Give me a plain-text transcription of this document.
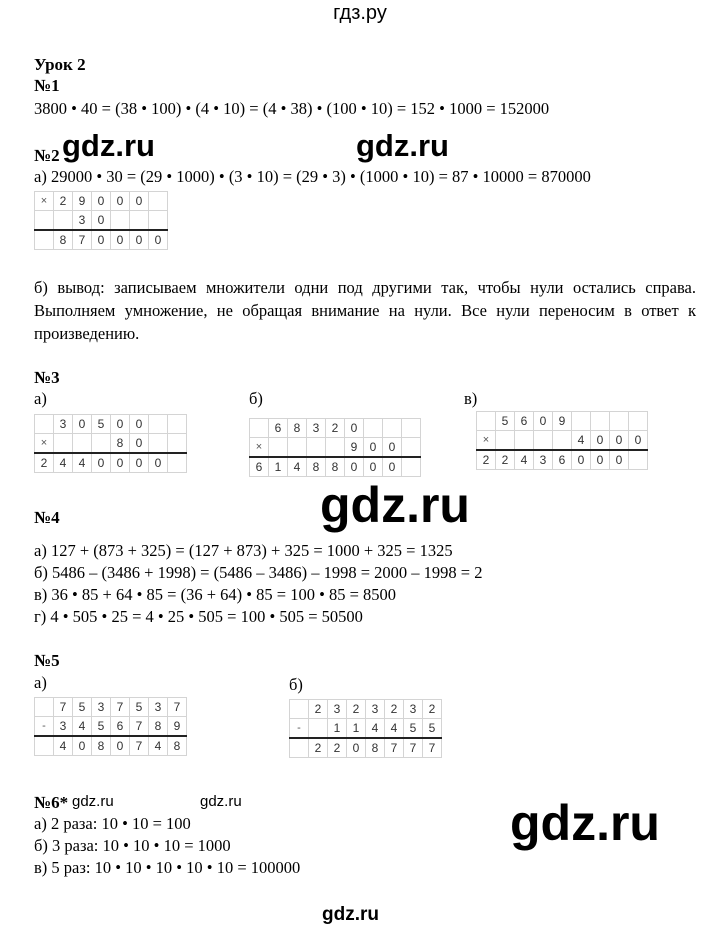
гдз.ру
Урок 2
№1
3800 • 40 = (38 • 100) • (4 • 10) = (4 • 38) • (100 • 10) = 152 • 1000 = 152000
№2 gdz.ru	gdz.ru
а) 29000 • 30 = (29 • 1000) • (3 • 10) = (29 • 3) • (1000 • 10) = 87 • 10000 = 870000
×	2	9	0	0	0	
		3	0			
	8	7	0	0	0	0
б) вывод: записываем множители одни под другими так, чтобы нули остались справа. Выполняем умножение, не обращая внимание на нули. Все нули переносим в ответ к произведению.
№3
а)	б)	в)
	3	0	5	0	0		
×				8	0		
2	4	4	0	0	0	0	
	6	8	3	2	0			
×					9	0	0	
6	1	4	8	8	0	0	0	
	5	6	0	9				
×					4	0	0	0
2	2	4	3	6	0	0	0	
gdz.ru
№4
а) 127 + (873 + 325) = (127 + 873) + 325 = 1000 + 325 = 1325
б) 5486 – (3486 + 1998) = (5486 – 3486) – 1998 = 2000 – 1998 = 2
в) 36 • 85 + 64 • 85 = (36 + 64) • 85 = 100 • 85 = 8500
г) 4 • 505 • 25 = 4 • 25 • 505 = 100 • 505 = 50500
№5
а)	б)
	7	5	3	7	5	3	7
-	3	4	5	6	7	8	9
	4	0	8	0	7	4	8
	2	3	2	3	2	3	2
-		1	1	4	4	5	5
	2	2	0	8	7	7	7
№6* gdz.ru	gdz.ru
а) 2 раза: 10 • 10 = 100
б) 3 раза: 10 • 10 • 10 = 1000
в) 5 раз: 10 • 10 • 10 • 10 • 10 = 100000
gdz.ru
gdz.ru
